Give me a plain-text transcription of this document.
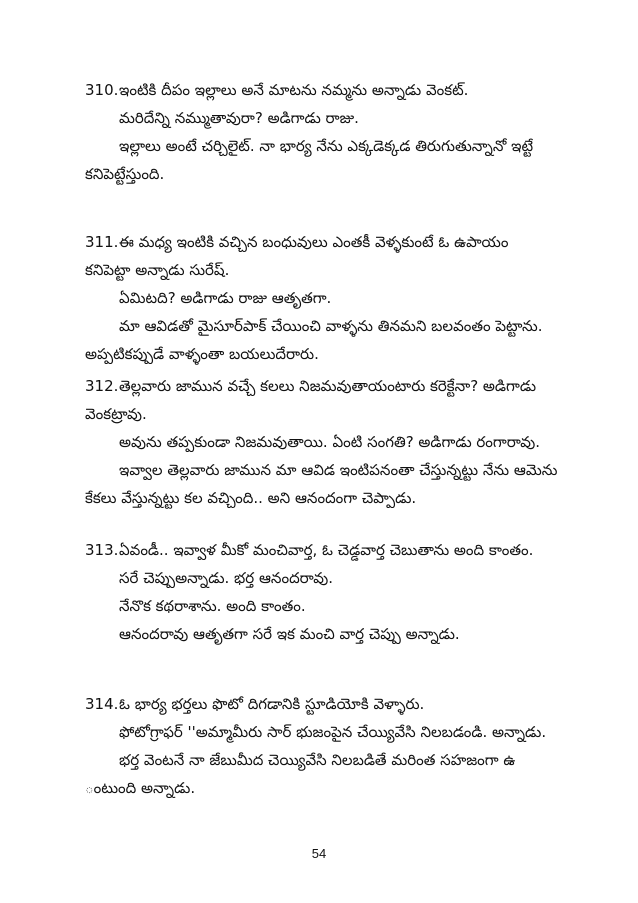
310.ఇంటికి దీపం ఇల్లాలు అనే మాటను నమ్మను అన్నాడు వెంకట్.
మరిదేన్ని నమ్ముతావురా? అడిగాడు రాజు.
ఇల్లాలు అంటే చర్చిలైట్. నా భార్య నేను ఎక్కడెక్కడ తిరుగుతున్నానో ఇట్టే
కనిపెట్టేస్తుంది.
311.ఈ మధ్య ఇంటికి వచ్చిన బంధువులు ఎంతకీ వెళ్ళకుంటే ఓ ఉపాయం
కనిపెట్టా అన్నాడు సురేష్.
ఏమిటది? అడిగాడు రాజు ఆతృతగా.
మా ఆవిడతో మైసూర్‌పాక్ చేయించి వాళ్ళను తినమని బలవంతం పెట్టాను.
అప్పటికప్పుడే వాళ్ళంతా బయలుదేరారు.
312.తెల్లవారు జామున వచ్చే కలలు నిజమవుతాయంటారు కరెక్టేనా? అడిగాడు
వెంకట్రావు.
అవును తప్పకుండా నిజమవుతాయి. ఏంటి సంగతి? అడిగాడు రంగారావు.
ఇవ్వాల తెల్లవారు జామున మా ఆవిడ ఇంటిపనంతా చేస్తున్నట్టు నేను ఆమెను
కేకలు వేస్తున్నట్టు కల వచ్చింది.. అని ఆనందంగా చెప్పాడు.
313.ఏవండీ.. ఇవ్వాళ మీకో మంచివార్త, ఓ చెడ్డవార్త చెబుతాను అంది కాంతం.
సరే చెప్పుఅన్నాడు. భర్త ఆనందరావు.
నేనొక కథరాశాను. అంది కాంతం.
ఆనందరావు ఆతృతగా సరే ఇక మంచి వార్త చెప్పు అన్నాడు.
314.ఓ భార్య భర్తలు ఫొటో దిగడానికి స్టూడియోకి వెళ్ళారు.
ఫోటోగ్రాఫర్ ''అమ్మామీరు సార్ భుజంపైన చేయ్యివేసి నిలబడండి. అన్నాడు.
భర్త వెంటనే నా జేబుమీద చెయ్యివేసి నిలబడితే మరింత సహజంగా ఉ
ంటుంది అన్నాడు.
54
